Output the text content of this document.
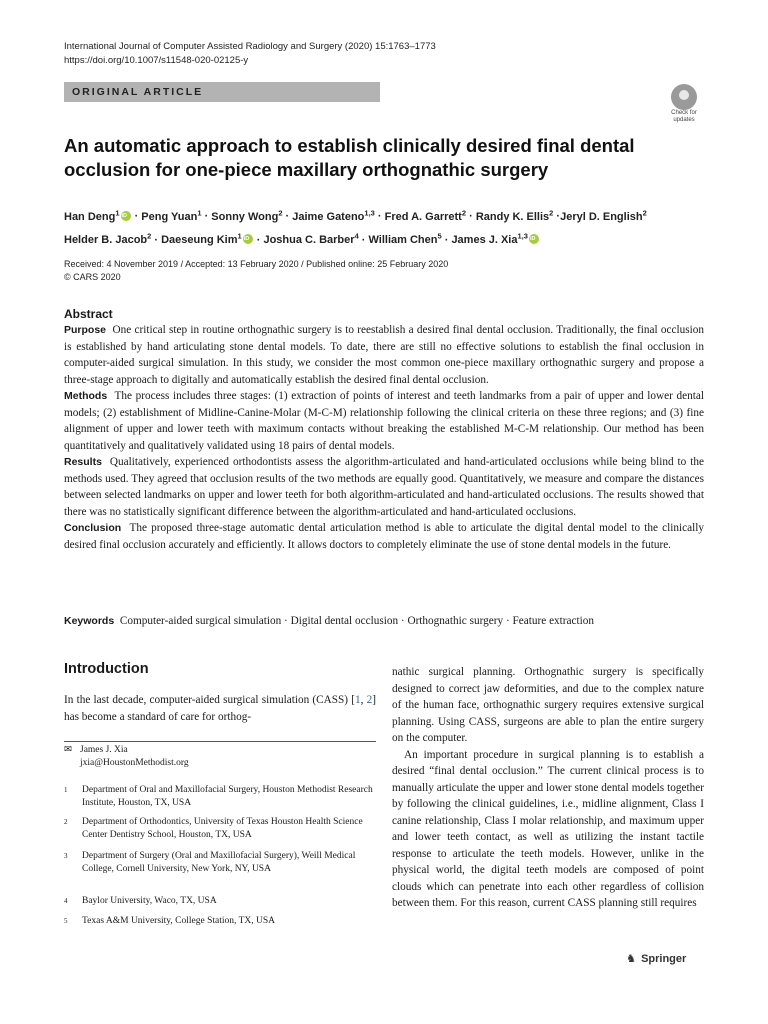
International Journal of Computer Assisted Radiology and Surgery (2020) 15:1763–1773
https://doi.org/10.1007/s11548-020-02125-y
ORIGINAL ARTICLE
Check for
updates
An automatic approach to establish clinically desired final dental
occlusion for one-piece maxillary orthognathic surgery
Han Deng$^1$iD · Peng Yuan$^1$ · Sonny Wong$^2$ · Jaime Gateno$^{1,3}$ · Fred A. Garrett$^2$ · Randy K. Ellis$^2$ ·Jeryl D. English$^2$
Helder B. Jacob$^2$ · Daeseung Kim$^1$iD · Joshua C. Barber$^4$ · William Chen$^5$ · James J. Xia$^{1,3}$iD
Received: 4 November 2019 / Accepted: 13 February 2020 / Published online: 25 February 2020
© CARS 2020
Abstract

Purpose One critical step in routine orthognathic surgery is to reestablish a desired final dental occlusion. Traditionally, the final occlusion is established by hand articulating stone dental models. To date, there are still no effective solutions to establish the final occlusion in computer-aided surgical simulation. In this study, we consider the most common one-piece maxillary orthognathic surgery and propose a three-stage approach to digitally and automatically establish the desired final dental occlusion.

Methods The process includes three stages: (1) extraction of points of interest and teeth landmarks from a pair of upper and lower dental models; (2) establishment of Midline-Canine-Molar (M-C-M) relationship following the clinical criteria on these three regions; and (3) fine alignment of upper and lower teeth with maximum contacts without breaking the established M-C-M relationship. Our method has been quantitatively and qualitatively validated using 18 pairs of dental models.

Results Qualitatively, experienced orthodontists assess the algorithm-articulated and hand-articulated occlusions while being blind to the methods used. They agreed that occlusion results of the two methods are equally good. Quantitatively, we measure and compare the distances between selected landmarks on upper and lower teeth for both algorithm-articulated and hand-articulated occlusions. The results showed that there was no statistically significant difference between the algorithm-articulated and hand-articulated occlusions.

Conclusion The proposed three-stage automatic dental articulation method is able to articulate the digital dental model to the clinically desired final occlusion accurately and efficiently. It allows doctors to completely eliminate the use of stone dental models in the future.

Keywords Computer-aided surgical simulation · Digital dental occlusion · Orthognathic surgery · Feature extraction
Introduction

In the last decade, computer-aided surgical simulation (CASS) [1, 2] has become a standard of care for orthog-

✉ James J. Xia
jxia@HoustonMethodist.org
1 Department of Oral and Maxillofacial Surgery, Houston Methodist Research Institute, Houston, TX, USA
2 Department of Orthodontics, University of Texas Houston Health Science Center Dentistry School, Houston, TX, USA
3 Department of Surgery (Oral and Maxillofacial Surgery), Weill Medical College, Cornell University, New York, NY, USA
4 Baylor University, Waco, TX, USA
5 Texas A&M University, College Station, TX, USA

nathic surgical planning. Orthognathic surgery is specifically designed to correct jaw deformities, and due to the complex nature of the human face, orthognathic surgery requires extensive surgical planning. Using CASS, surgeons are able to plan the entire surgery on the computer.

An important procedure in surgical planning is to establish a desired “final dental occlusion.” The current clinical process is to manually articulate the upper and lower stone dental models together by following the clinical guidelines, i.e., midline alignment, Class I canine relationship, Class I molar relationship, and maximum upper and lower teeth contact, as well as utilizing the instant tactile response to articulate the teeth models. However, unlike in the physical world, the digital teeth models are composed of point clouds which can penetrate into each other regardless of collision between them. For this reason, current CASS planning still requires

♞ Springer
